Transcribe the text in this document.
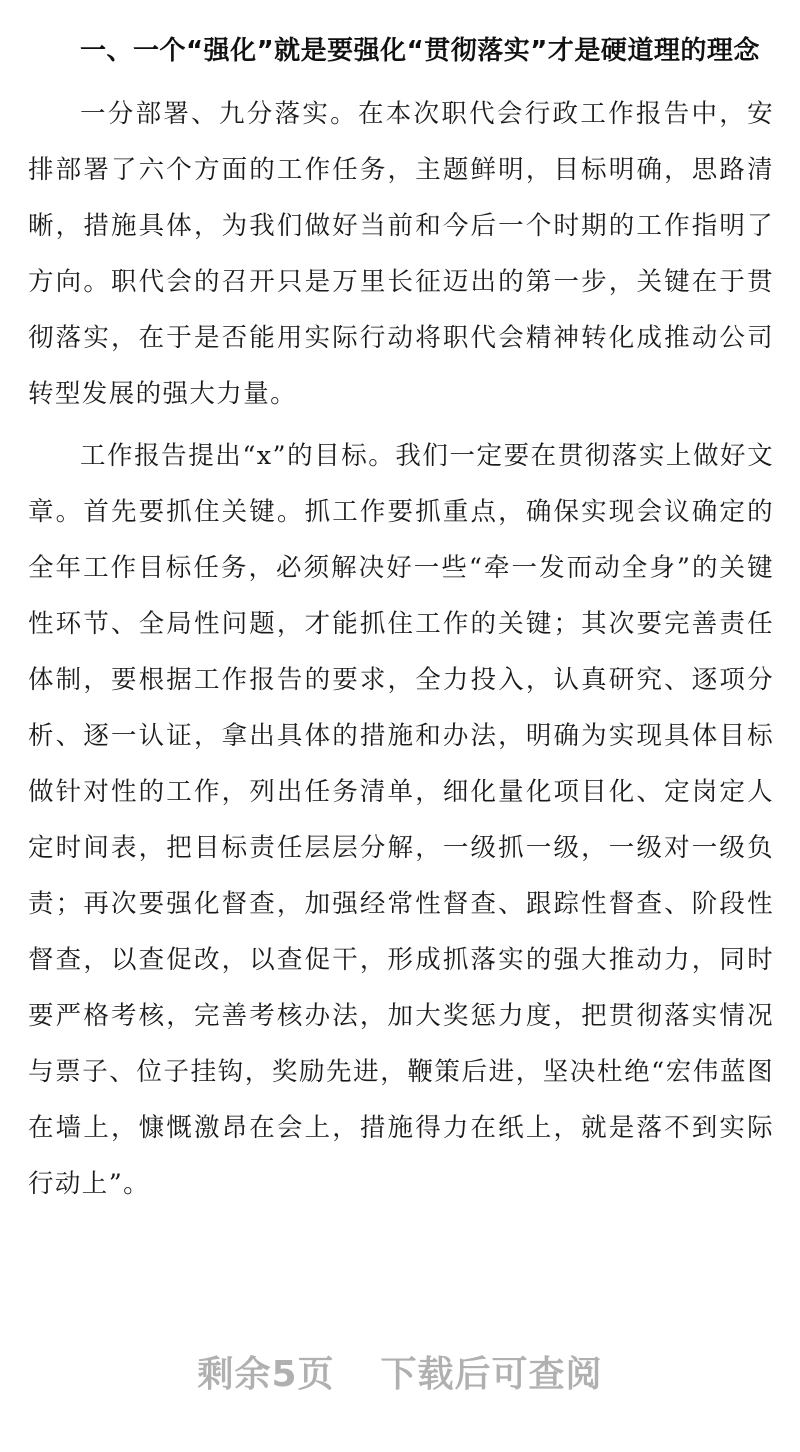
一、一个“强化”就是要强化“贯彻落实”才是硬道理的理念

一分部署、九分落实。在本次职代会行政工作报告中，安排部署了六个方面的工作任务，主题鲜明，目标明确，思路清晰，措施具体，为我们做好当前和今后一个时期的工作指明了方向。职代会的召开只是万里长征迈出的第一步，关键在于贯彻落实，在于是否能用实际行动将职代会精神转化成推动公司转型发展的强大力量。

工作报告提出“x”的目标。我们一定要在贯彻落实上做好文章。首先要抓住关键。抓工作要抓重点，确保实现会议确定的全年工作目标任务，必须解决好一些“牵一发而动全身”的关键性环节、全局性问题，才能抓住工作的关键；其次要完善责任体制，要根据工作报告的要求，全力投入，认真研究、逐项分析、逐一认证，拿出具体的措施和办法，明确为实现具体目标做针对性的工作，列出任务清单，细化量化项目化、定岗定人定时间表，把目标责任层层分解，一级抓一级，一级对一级负责；再次要强化督查，加强经常性督查、跟踪性督查、阶段性督查，以查促改，以查促干，形成抓落实的强大推动力，同时要严格考核，完善考核办法，加大奖惩力度，把贯彻落实情况与票子、位子挂钩，奖励先进，鞭策后进，坚决杜绝“宏伟蓝图在墙上，慷慨激昂在会上，措施得力在纸上，就是落不到实际行动上”。

剩余5页 下载后可查阅
